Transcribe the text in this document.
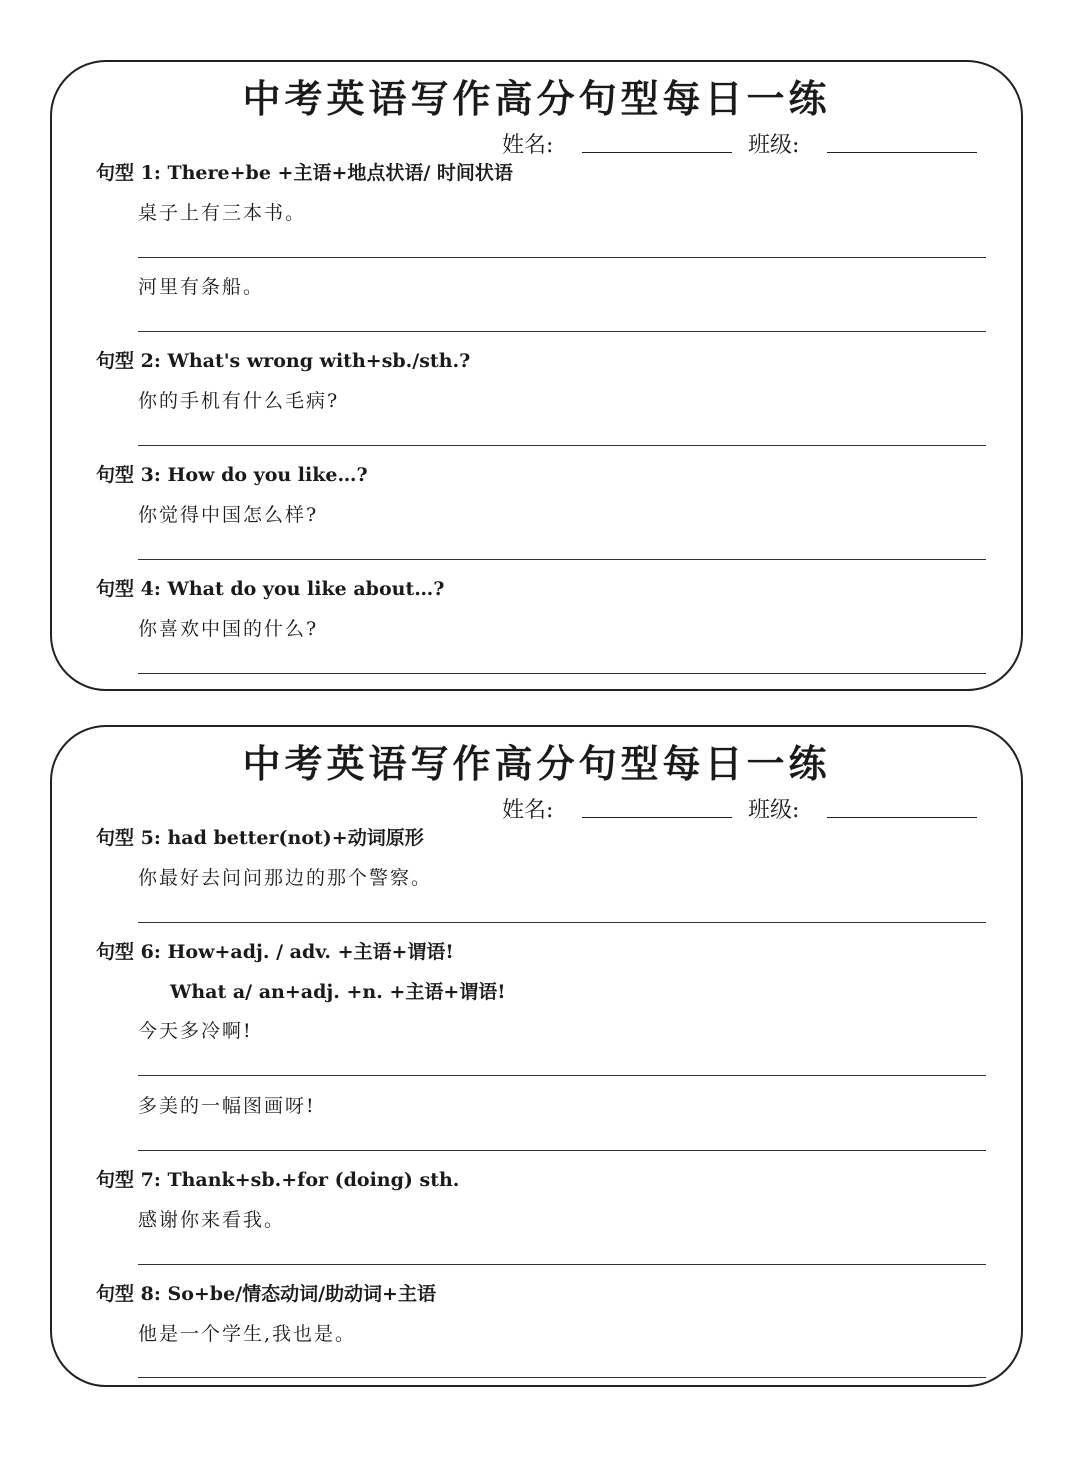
中考英语写作高分句型每日一练
姓名:	班级:
句型 1: There+be +主语+地点状语/ 时间状语
桌子上有三本书。
河里有条船。
句型 2: What's wrong with+sb./sth.?
你的手机有什么毛病?
句型 3: How do you like…?
你觉得中国怎么样?
句型 4: What do you like about…?
你喜欢中国的什么?
中考英语写作高分句型每日一练
姓名:	班级:
句型 5: had better(not)+动词原形
你最好去问问那边的那个警察。
句型 6: How+adj. / adv. +主语+谓语!
What a/ an+adj. +n. +主语+谓语!
今天多冷啊!
多美的一幅图画呀!
句型 7: Thank+sb.+for (doing) sth.
感谢你来看我。
句型 8: So+be/情态动词/助动词+主语
他是一个学生,我也是。
